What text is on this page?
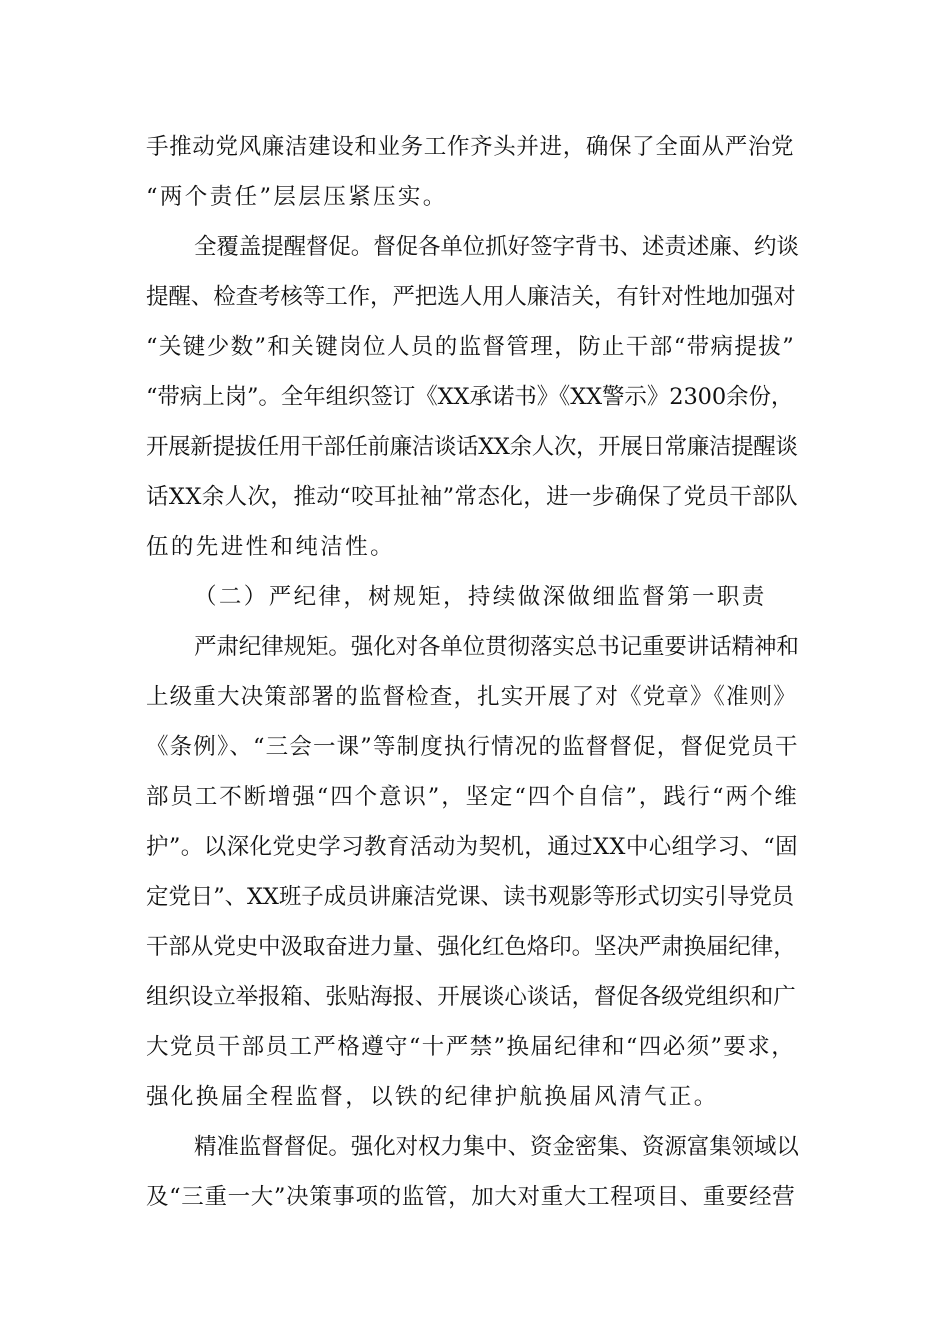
手推动党风廉洁建设和业务工作齐头并进，确保了全面从严治党
“两个责任”层层压紧压实。
全覆盖提醒督促。督促各单位抓好签字背书、述责述廉、约谈
提醒、检查考核等工作，严把选人用人廉洁关，有针对性地加强对
“关键少数”和关键岗位人员的监督管理，防止干部“带病提拔”
“带病上岗”。全年组织签订《XX承诺书》《XX警示》2300余份，
开展新提拔任用干部任前廉洁谈话XX余人次，开展日常廉洁提醒谈
话XX余人次，推动“咬耳扯袖”常态化，进一步确保了党员干部队
伍的先进性和纯洁性。
（二）严纪律，树规矩，持续做深做细监督第一职责
严肃纪律规矩。强化对各单位贯彻落实总书记重要讲话精神和
上级重大决策部署的监督检查，扎实开展了对《党章》《准则》
《条例》、“三会一课”等制度执行情况的监督督促，督促党员干
部员工不断增强“四个意识”，坚定“四个自信”，践行“两个维
护”。以深化党史学习教育活动为契机，通过XX中心组学习、“固
定党日”、XX班子成员讲廉洁党课、读书观影等形式切实引导党员
干部从党史中汲取奋进力量、强化红色烙印。坚决严肃换届纪律，
组织设立举报箱、张贴海报、开展谈心谈话，督促各级党组织和广
大党员干部员工严格遵守“十严禁”换届纪律和“四必须”要求，
强化换届全程监督，以铁的纪律护航换届风清气正。
精准监督督促。强化对权力集中、资金密集、资源富集领域以
及“三重一大”决策事项的监管，加大对重大工程项目、重要经营
